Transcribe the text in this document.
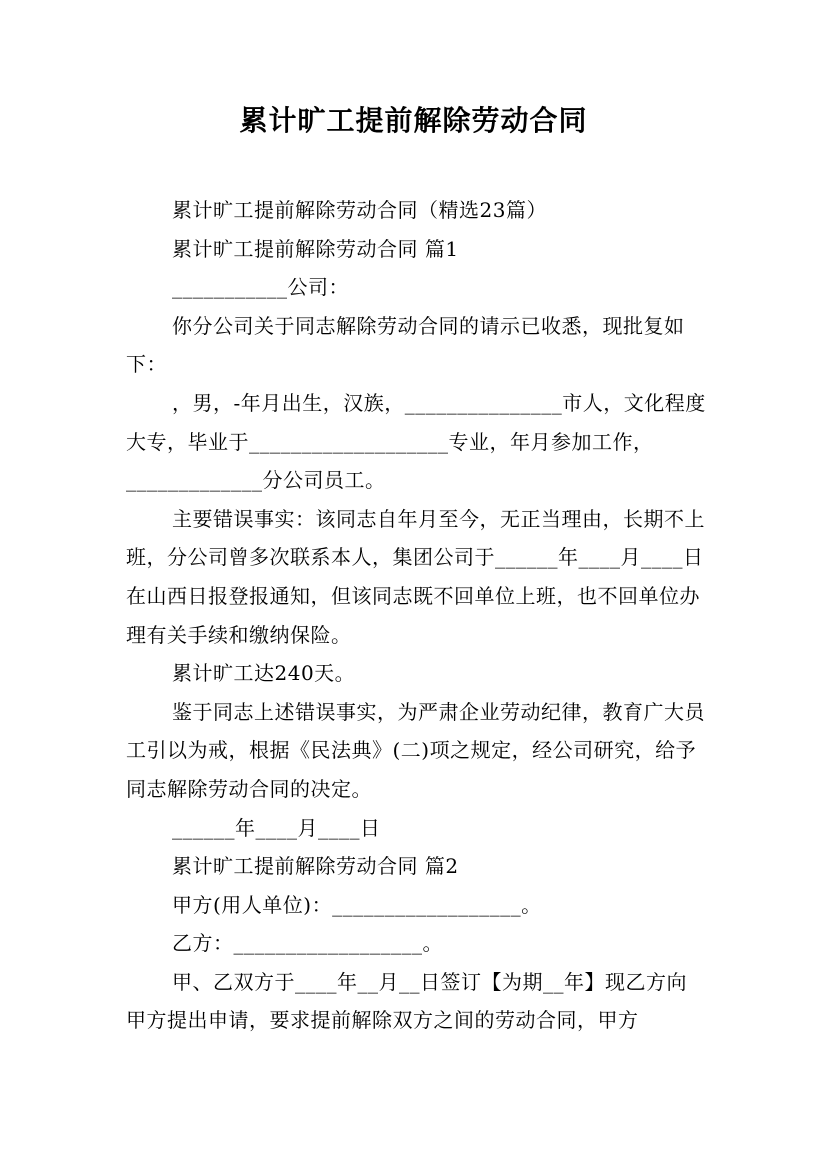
累计旷工提前解除劳动合同

累计旷工提前解除劳动合同（精选23篇）

累计旷工提前解除劳动合同 篇1

___________公司：

你分公司关于同志解除劳动合同的请示已收悉，现批复如下：

，男，-年月出生，汉族，_______________市人，文化程度大专，毕业于___________________专业，年月参加工作，_____________分公司员工。

主要错误事实：该同志自年月至今，无正当理由，长期不上班，分公司曾多次联系本人，集团公司于______年____月____日在山西日报登报通知，但该同志既不回单位上班，也不回单位办理有关手续和缴纳保险。

累计旷工达240天。

鉴于同志上述错误事实，为严肃企业劳动纪律，教育广大员工引以为戒，根据《民法典》(二)项之规定，经公司研究，给予同志解除劳动合同的决定。

______年____月____日

累计旷工提前解除劳动合同 篇2

甲方(用人单位)：__________________。

乙方：__________________。

甲、乙双方于____年__月__日签订【为期__年】现乙方向甲方提出申请，要求提前解除双方之间的劳动合同，甲方
